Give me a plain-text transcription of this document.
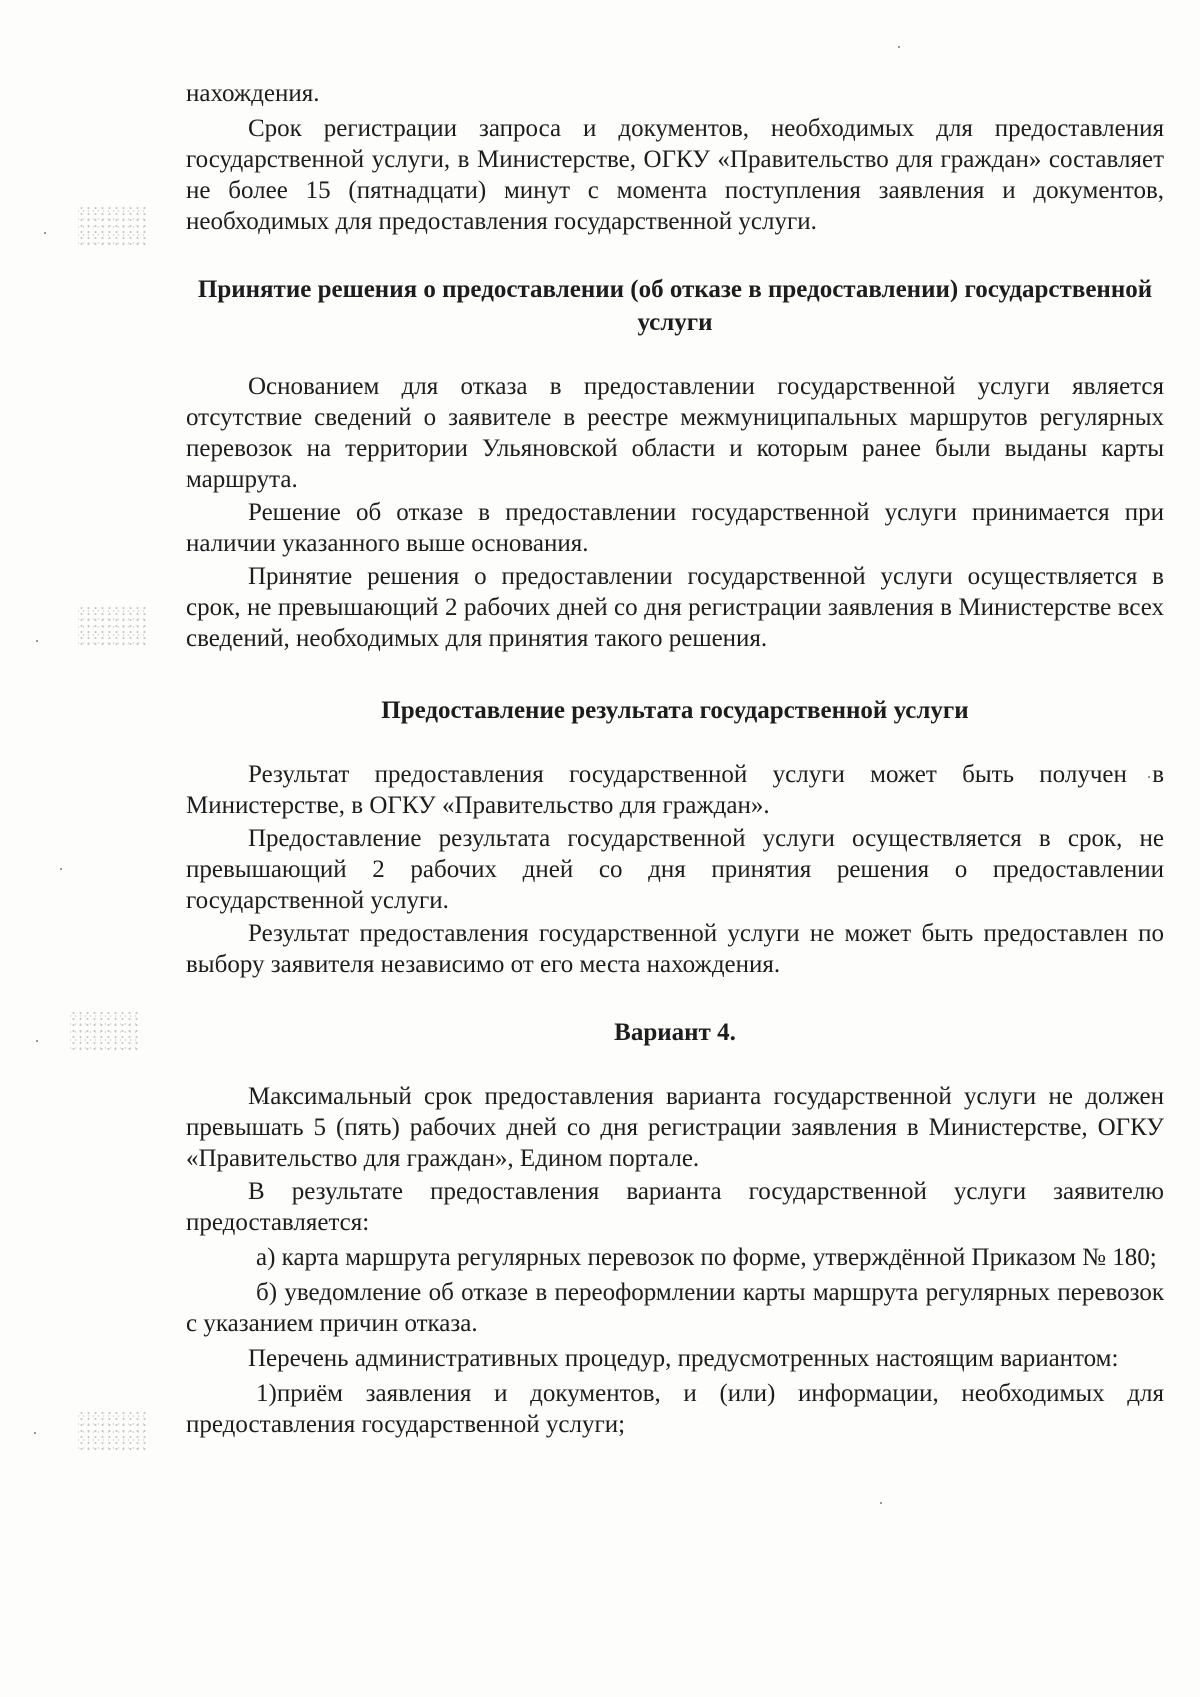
нахождения.

Срок регистрации запроса и документов, необходимых для предоставления государственной услуги, в Министерстве, ОГКУ «Правительство для граждан» составляет не более 15 (пятнадцати) минут с момента поступления заявления и документов, необходимых для предоставления государственной услуги.

Принятие решения о предоставлении (об отказе в предоставлении) государственной услуги

Основанием для отказа в предоставлении государственной услуги является отсутствие сведений о заявителе в реестре межмуниципальных маршрутов регулярных перевозок на территории Ульяновской области и которым ранее были выданы карты маршрута.

Решение об отказе в предоставлении государственной услуги принимается при наличии указанного выше основания.

Принятие решения о предоставлении государственной услуги осуществляется в срок, не превышающий 2 рабочих дней со дня регистрации заявления в Министерстве всех сведений, необходимых для принятия такого решения.

Предоставление результата государственной услуги

Результат предоставления государственной услуги может быть получен в Министерстве, в ОГКУ «Правительство для граждан».

Предоставление результата государственной услуги осуществляется в срок, не превышающий 2 рабочих дней со дня принятия решения о предоставлении государственной услуги.

Результат предоставления государственной услуги не может быть предоставлен по выбору заявителя независимо от его места нахождения.

Вариант 4.

Максимальный срок предоставления варианта государственной услуги не должен превышать 5 (пять) рабочих дней со дня регистрации заявления в Министерстве, ОГКУ «Правительство для граждан», Едином портале.

В результате предоставления варианта государственной услуги заявителю предоставляется:

а) карта маршрута регулярных перевозок по форме, утверждённой Приказом № 180;

б) уведомление об отказе в переоформлении карты маршрута регулярных перевозок с указанием причин отказа.

Перечень административных процедур, предусмотренных настоящим вариантом:

1)приём заявления и документов, и (или) информации, необходимых для предоставления государственной услуги;
